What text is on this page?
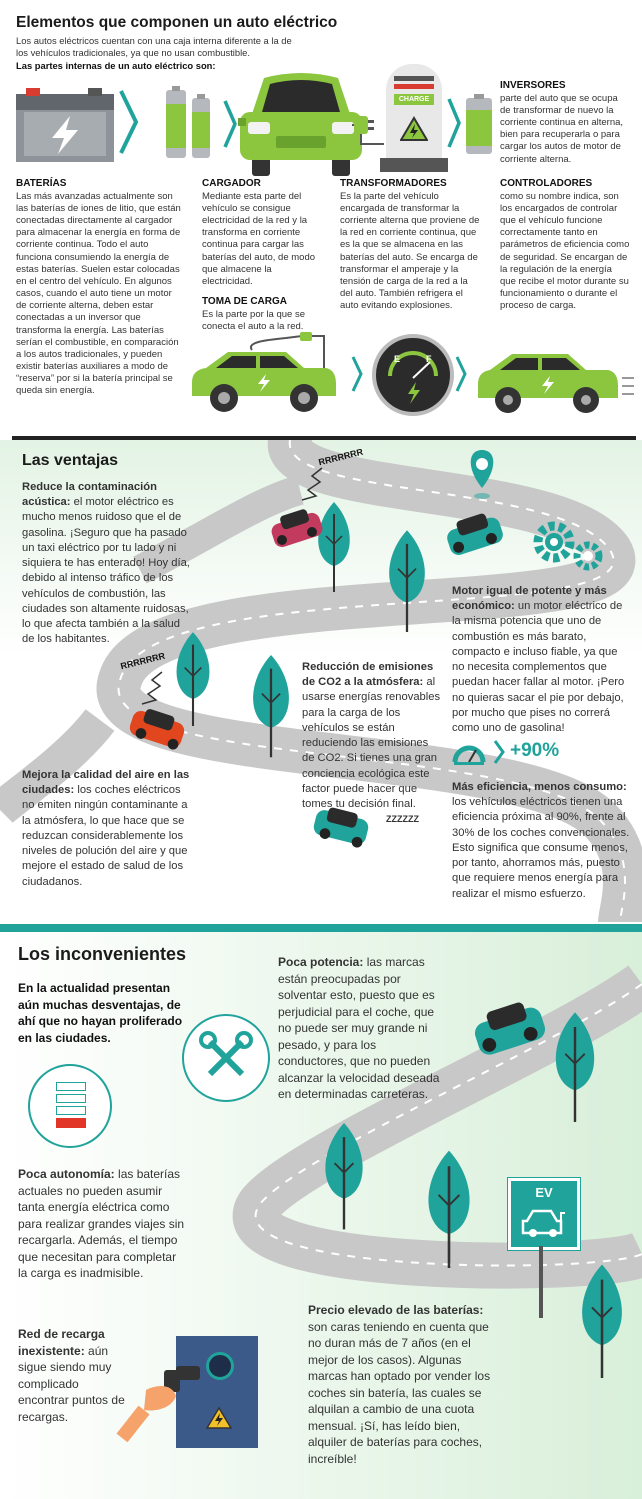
Elementos que componen un auto eléctrico
Los autos eléctricos cuentan con una caja interna diferente a la de los vehículos tradicionales, ya que no usan combustible.
Las partes internas de un auto eléctrico son:
CHARGE
INVERSORES
parte del auto que se ocupa de transformar de nuevo la corriente continua en alterna, bien para recuperarla o para cargar los autos de motor de corriente alterna.
BATERÍAS
Las más avanzadas actualmente son las baterías de iones de litio, que están conectadas directamente al cargador para almacenar la energía en forma de corriente continua. Todo el auto funciona consumiendo la energía de estas baterías. Suelen estar colocadas en el centro del vehículo. En algunos casos, cuando el auto tiene un motor de corriente alterna, deben estar conectadas a un inversor que transforma la energía. Las baterías serían el combustible, en comparación a los autos tradicionales, y pueden existir baterías auxiliares a modo de “reserva” por si la batería principal se queda sin energía.
CARGADOR
Mediante esta parte del vehículo se consigue electricidad de la red y la transforma en corriente continua para cargar las baterías del auto, de modo que almacene la electricidad.
TRANSFORMADORES
Es la parte del vehículo encargada de transformar la corriente alterna que proviene de la red en corriente continua, que es la que se almacena en las baterías del auto. Se encarga de transformar el amperaje y la tensión de carga de la red a la del auto. También refrigera el auto evitando explosiones.
CONTROLADORES
como su nombre indica, son los encargados de controlar que el vehículo funcione correctamente tanto en parámetros de eficiencia como de seguridad. Se encargan de la regulación de la energía que recibe el motor durante su funcionamiento o durante el proceso de carga.
TOMA DE CARGA
Es la parte por la que se conecta el auto a la red.
E	F
Las ventajas	RRRRRRR
RRRRRRR
ZZZZZZ
+90%
Reduce la contaminación acústica: el motor eléctrico es mucho menos ruidoso que el de gasolina. ¡Seguro que ha pasado un taxi eléctrico por tu lado y ni siquiera te has enterado! Hoy día, debido al intenso tráfico de los vehículos de combustión, las ciudades son altamente ruidosas, lo que afecta también a la salud de los habitantes.
Mejora la calidad del aire en las ciudades: los coches eléctricos no emiten ningún contaminante a la atmósfera, lo que hace que se reduzcan considerablemente los niveles de polución del aire y que mejore el estado de salud de los ciudadanos.
Reducción de emisiones de CO2 a la atmósfera: al usarse energías renovables para la carga de los vehículos se están reduciendo las emisiones de CO2. Si tienes una gran conciencia ecológica este factor puede hacer que tomes tu decisión final.
Motor igual de potente y más económico: un motor eléctrico de la misma potencia que uno de combustión es más barato, compacto e incluso fiable, ya que no necesita complementos que puedan hacer fallar al motor. ¡Pero no quieras sacar el pie por debajo, por mucho que pises no correrá como uno de gasolina!
Más eficiencia, menos consumo: los vehículos eléctricos tienen una eficiencia próxima al 90%, frente al 30% de los coches convencionales. Esto significa que consume menos, por tanto, ahorramos más, puesto que requiere menos energía para realizar el mismo esfuerzo.
Los inconvenientes
En la actualidad presentan aún muchas desventajas, de ahí que no hayan proliferado en las ciudades.
EV
Poca potencia: las marcas están preocupadas por solventar esto, puesto que es perjudicial para el coche, que no puede ser muy grande ni pesado, y para los conductores, que no pueden alcanzar la velocidad deseada en determinadas carreteras.
Poca autonomía: las baterías actuales no pueden asumir tanta energía eléctrica como para realizar grandes viajes sin recargarla. Además, el tiempo que necesitan para completar la carga es inadmisible.
Red de recarga inexistente: aún sigue siendo muy complicado encontrar puntos de recargas.
Precio elevado de las baterías: son caras teniendo en cuenta que no duran más de 7 años (en el mejor de los casos). Algunas marcas han optado por vender los coches sin batería, las cuales se alquilan a cambio de una cuota mensual. ¡Sí, has leído bien, alquiler de baterías para coches, increíble!
